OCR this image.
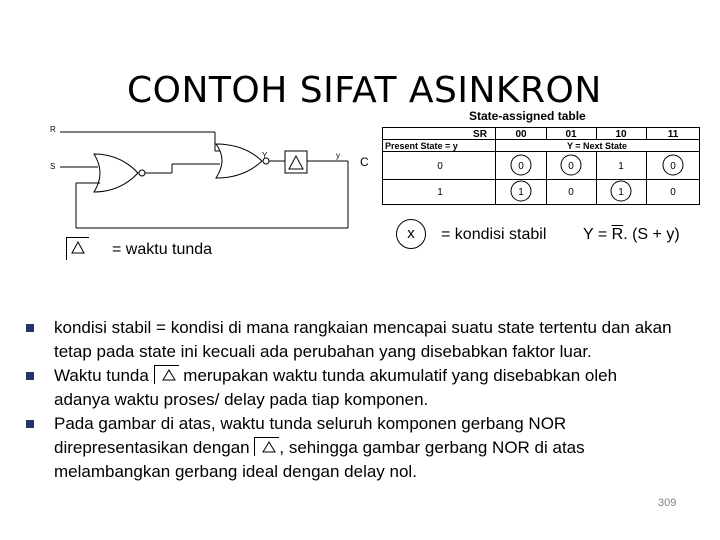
CONTOH SIFAT ASINKRON
State-assigned table
R
S
Y	y C
SR	00	01	10	11
Present State = y	Y = Next State
0	0	0	1	0
1	1	0	1	0
= waktu tunda
x	= kondisi stabil $Y = \overline{R}$. (S + y)
kondisi stabil = kondisi di mana rangkaian mencapai suatu state tertentu dan akan tetap pada state ini kecuali ada perubahan yang disebabkan faktor luar.
Waktu tunda merupakan waktu tunda akumulatif yang disebabkan oleh adanya waktu proses/ delay pada tiap komponen.
Pada gambar di atas, waktu tunda seluruh komponen gerbang NOR direpresentasikan dengan , sehingga gambar gerbang NOR di atas melambangkan gerbang ideal dengan delay nol.
309
